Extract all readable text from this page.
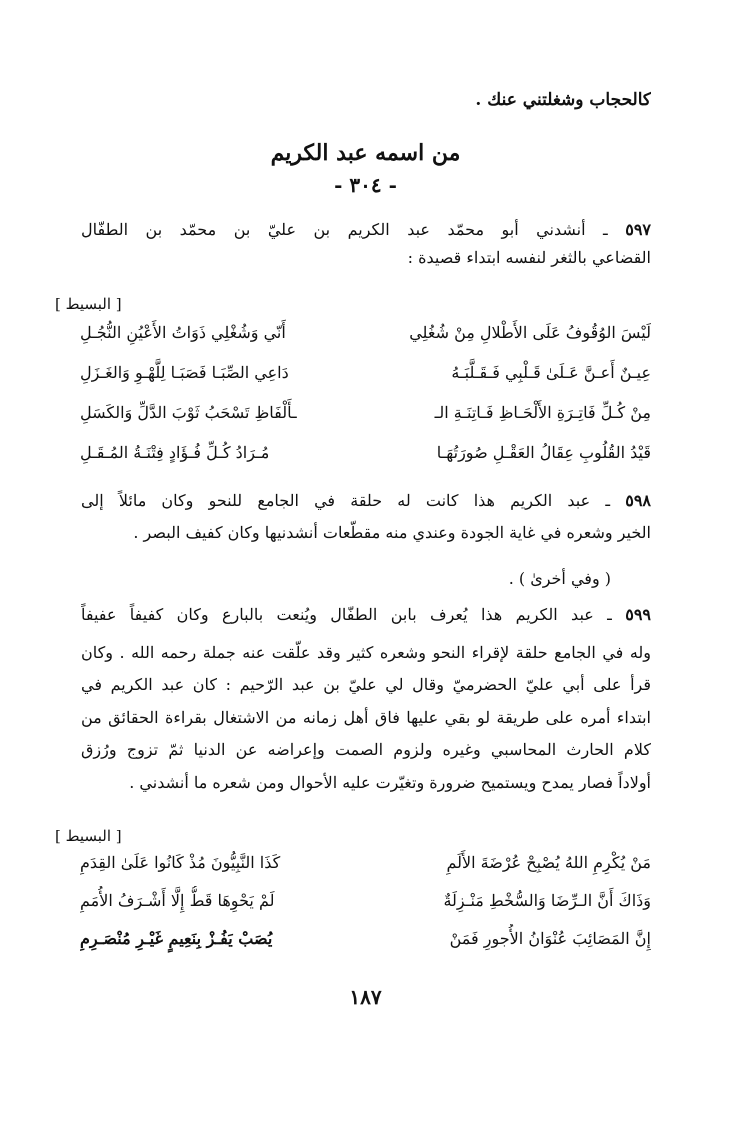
كالحجاب وشغلتني عنك .
من اسمه عبد الكريم
- ٣٠٤ -
٥٩٧ ـ أنشدني أبو محمّد عبد الكريم بن عليّ بن محمّد بن الطفّال
القضاعي بالثغر لنفسه ابتداء قصيدة :
[ البسيط ]
لَيْسَ الوُقُوفُ عَلَى الأَطْلالِ مِنْ شُغُلِي
أَنّي وَشُغْلِي ذَوَاتُ الأَعْيُنِ النُّجُـلِ
عِيـنٌ أَعـنَّ عَـلَىٰ قَـلْبِي فَـقَـلَّبَـهُ
دَاعِي الصِّبَـا فَصَبَـا لِلَّهْـوِ وَالغَـزَلِ
مِنْ كُـلِّ فَاتِـرَةِ الأَلْحَـاظِ فَـاتِنَـةِ الـ
ـأَلْفَاظِ تَسْحَبُ ثَوْبَ الدَّلِّ وَالكَسَلِ
قَيْدُ القُلُوبِ عِقَالُ العَقْـلِ صُورَتُهَـا
مُـرَادُ كُـلِّ فُـؤَادٍ فِتْنَـةُ المُـقَـلِ
٥٩٨ ـ عبد الكريم هذا كانت له حلقة في الجامع للنحو وكان مائلاً إلى
الخير وشعره في غاية الجودة وعندي منه مقطّعات أنشدنيها وكان كفيف البصر .
( وفي أخرىٰ ) .
٥٩٩ ـ عبد الكريم هذا يُعرف بابن الطفّال ويُنعت بالبارع وكان كفيفاً عفيفاً
وله في الجامع حلقة لإقراء النحو وشعره كثير وقد علّقت عنه جملة رحمه الله . وكان
قرأ على أبي عليّ الحضرميّ وقال لي عليّ بن عبد الرّحيم : كان عبد الكريم في
ابتداء أمره على طريقة لو بقي عليها فاق أهل زمانه من الاشتغال بقراءة الحقائق من
كلام الحارث المحاسبي وغيره ولزوم الصمت وإعراضه عن الدنيا ثمّ تزوج ورُزق
أولاداً فصار يمدح ويستميح ضرورة وتغيّرت عليه الأحوال ومن شعره ما أنشدني .
[ البسيط ]
مَنْ يُكْرِمِ اللهُ يُصْبِحْ عُرْضَةَ الأَلَمِ
كَذَا النَّبِيُّونَ مُذْ كَانُوا عَلَىٰ القِدَمِ
وَذَاكَ أَنَّ الـرِّضَا وَالسُّخْطِ مَنْـزِلَةٌ
لَمْ يَحْوِهَا قَطُّ إِلَّا أَشْـرَفُ الأُمَمِ
إِنَّ المَصَائِبَ عُنْوَانُ الأُجورِ فَمَنْ
يُصَبْ يَفُـزْ بِنَعِيمٍ غَيْـرِ مُنْصَـرِمِ
١٨٧
